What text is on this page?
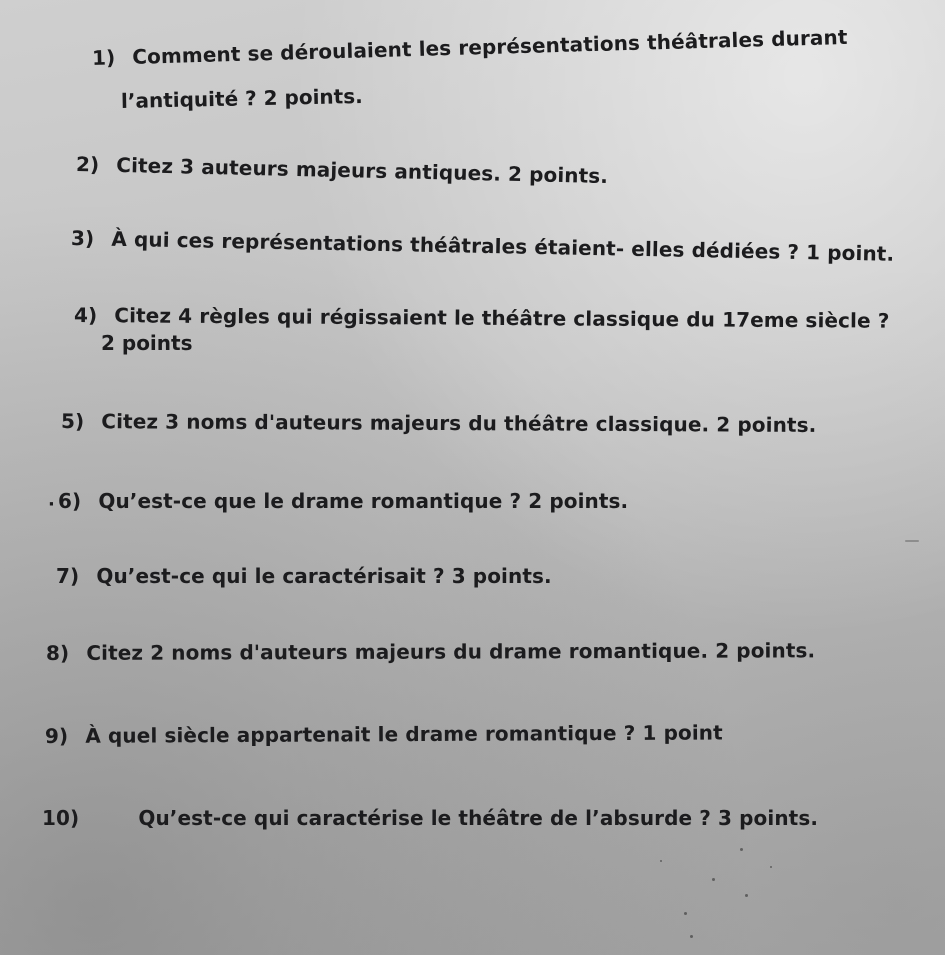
1) Comment se déroulaient les représentations théâtrales durant
l’antiquité ? 2 points.
2) Citez 3 auteurs majeurs antiques. 2 points.
3) À qui ces représentations théâtrales étaient- elles dédiées ? 1 point.
4) Citez 4 règles qui régissaient le théâtre classique du 17eme siècle ?
2 points
5) Citez 3 noms d'auteurs majeurs du théâtre classique. 2 points.
· 6) Qu’est-ce que le drame romantique ? 2 points.
7) Qu’est-ce qui le caractérisait ? 3 points.
8) Citez 2 noms d'auteurs majeurs du drame romantique. 2 points.
9) À quel siècle appartenait le drame romantique ? 1 point
10)	Qu’est-ce qui caractérise le théâtre de l’absurde ? 3 points.
